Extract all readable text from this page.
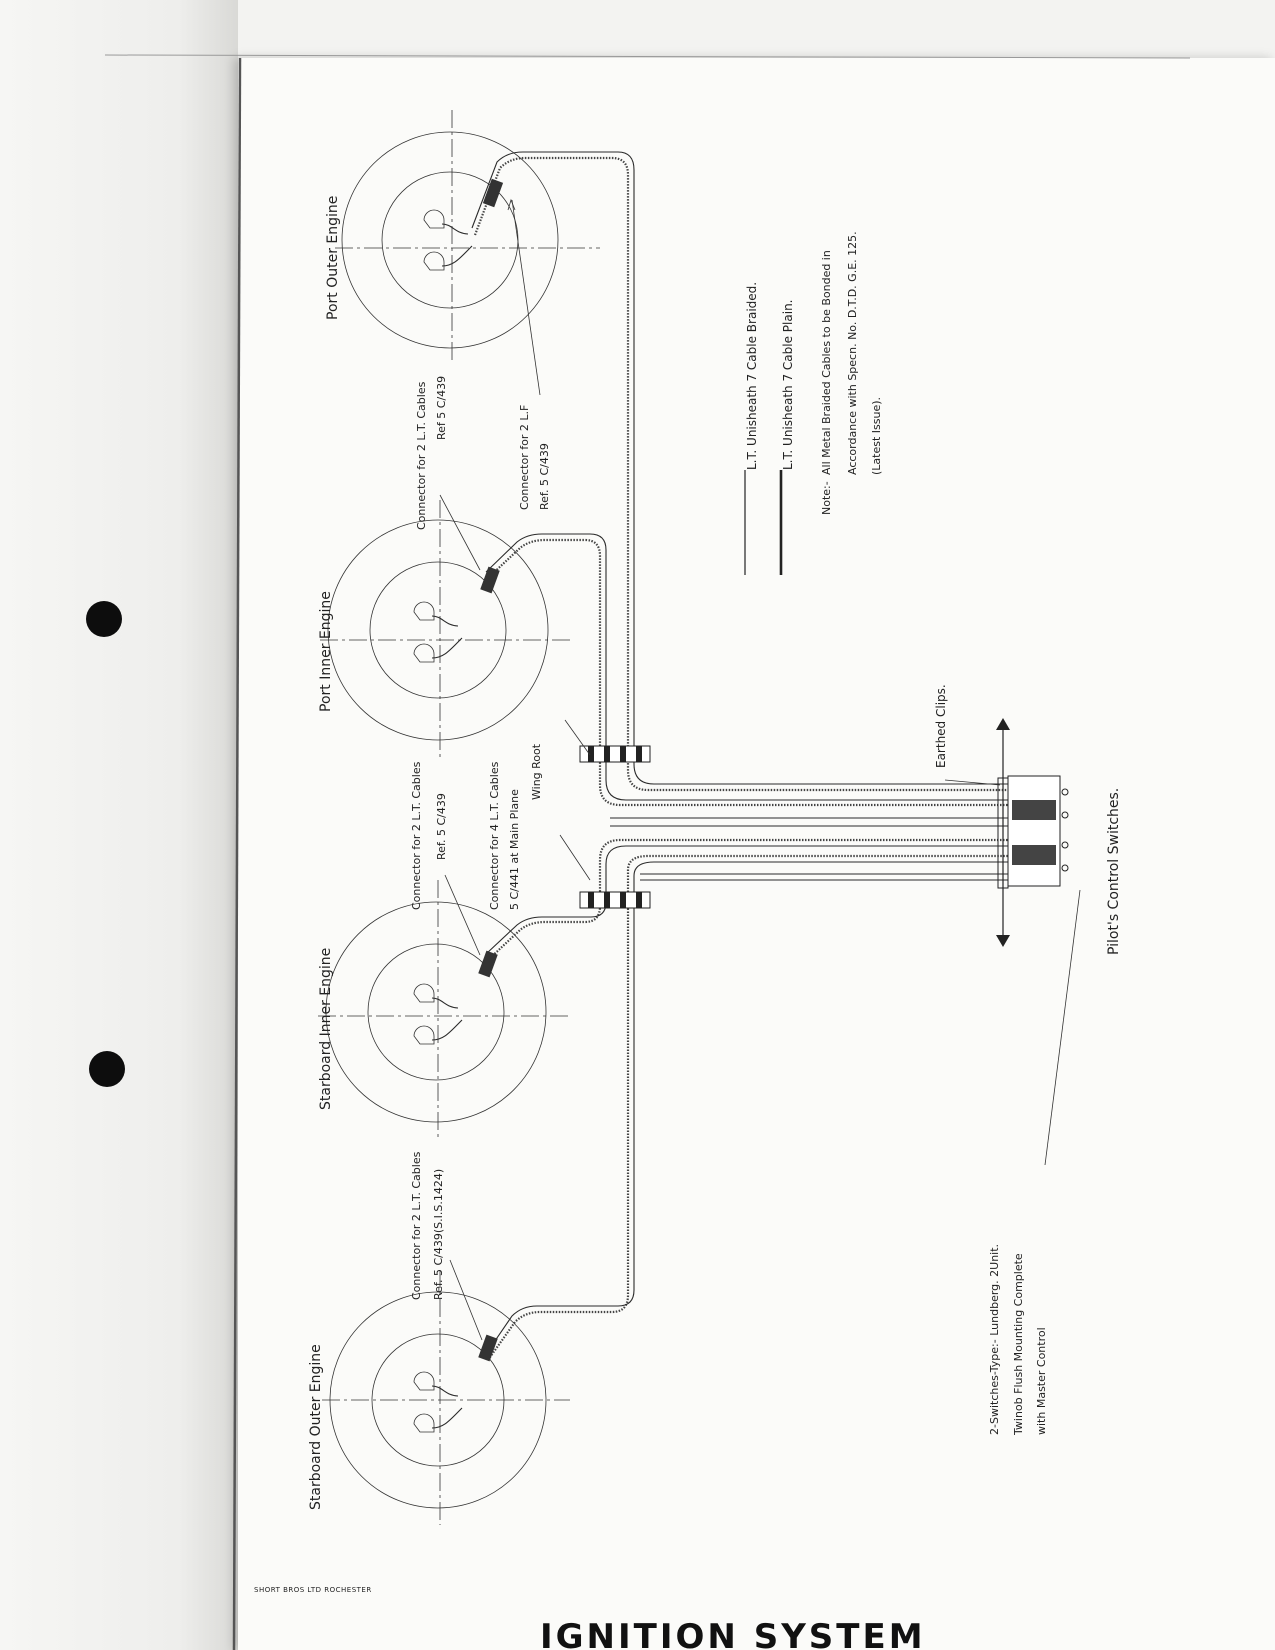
Port Outer Engine
Port Inner Engine
Starboard Inner Engine
Starboard Outer Engine
Connector for 2 L.F Ref. 5 C/439
Connector for 2 L.T. Cables Ref 5 C/439
Connector for 2 L.T. Cables Ref. 5 C/439	Connector for 4 L.T. Cables 5 C/441 at Main Plane
Wing Root
Connector for 2 L.T. Cables Ref. 5 C/439(S.I.S.1424)
L.T. Unisheath 7 Cable Braided. L.T. Unisheath 7 Cable Plain.
Note:-
All Metal Braided Cables to be Bonded in Accordance with Specn. No. D.T.D. G.E. 125. (Latest Issue).
Earthed Clips.
Pilot's Control Switches.
2-Switches-Type:- Lundberg. 2Unit. Twinob Flush Mounting Complete with Master Control
SHORT BROS LTD ROCHESTER
IGNITION SYSTEM
